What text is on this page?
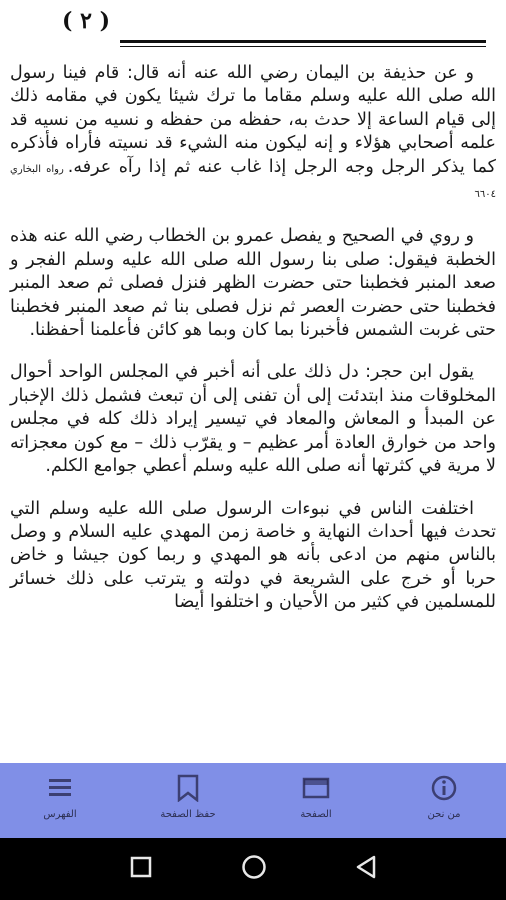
( ٢ )

و عن حذيفة بن اليمان رضي الله عنه أنه قال: قام فينا رسول الله صلى الله عليه وسلم مقاما ما ترك شيئا يكون في مقامه ذلك إلى قيام الساعة إلا حدث به، حفظه من حفظه و نسيه من نسيه قد علمه أصحابي هؤلاء و إنه ليكون منه الشيء قد نسيته فأراه فأذكره كما يذكر الرجل وجه الرجل إذا غاب عنه ثم إذا رآه عرفه.رواه البخاري ٦٦٠٤

و روي في الصحيح و يفصل عمرو بن الخطاب رضي الله عنه هذه الخطبة فيقول: صلى بنا رسول الله صلى الله عليه وسلم الفجر و صعد المنبر فخطبنا حتى حضرت الظهر فنزل فصلى ثم صعد المنبر فخطبنا حتى حضرت العصر ثم نزل فصلى بنا ثم صعد المنبر فخطبنا حتى غربت الشمس فأخبرنا بما كان وبما هو كائن فأعلمنا أحفظنا.

يقول ابن حجر: دل ذلك على أنه أخبر في المجلس الواحد أحوال المخلوقات منذ ابتدئت إلى أن تفنى إلى أن تبعث فشمل ذلك الإخبار عن المبدأ و المعاش والمعاد في تيسير إيراد ذلك كله في مجلس واحد من خوارق العادة أمر عظيم – و يقرّب ذلك – مع كون معجزاته لا مرية في كثرتها أنه صلى الله عليه وسلم أعطي جوامع الكلم.

اختلفت الناس في نبوءات الرسول صلى الله عليه وسلم التي تحدث فيها أحداث النهاية و خاصة زمن المهدي عليه السلام و وصل بالناس منهم من ادعى بأنه هو المهدي و ربما كون جيشا و خاض حربا أو خرج على الشريعة في دولته و يترتب على ذلك خسائر للمسلمين في كثير من الأحيان و اختلفوا أيضا

الفهرس	حفظ الصفحة	الصفحة	من نحن
